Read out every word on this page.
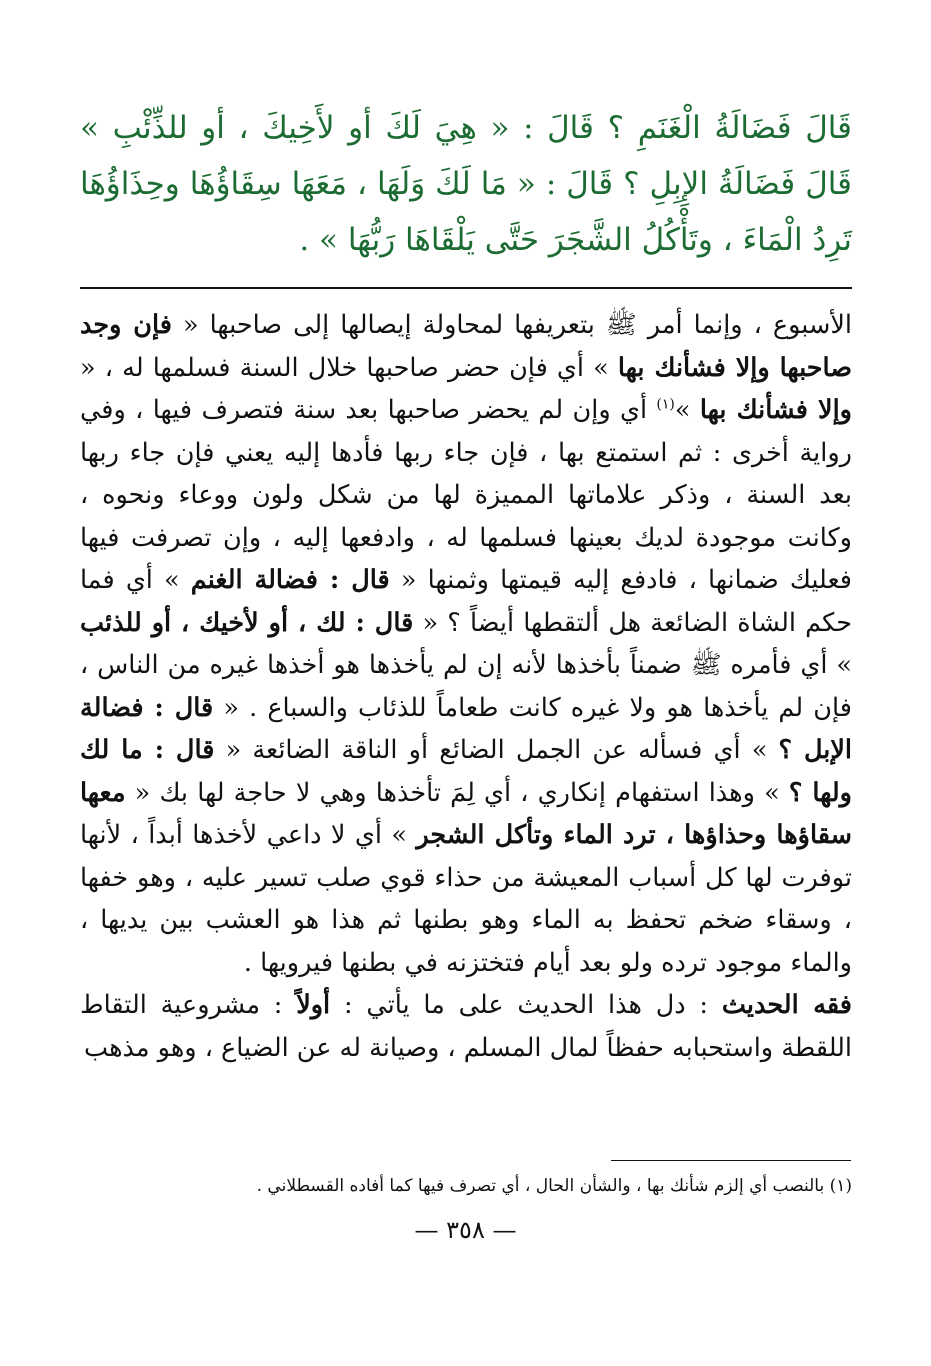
قَالَ فَضَالَةُ الْغَنَمِ ؟ قَالَ : « هِيَ لَكَ أو لأَخِيكَ ، أو للذِّئْبِ » قَالَ فَضَالَةُ الإِبِلِ ؟ قَالَ : « مَا لَكَ وَلَهَا ، مَعَهَا سِقَاؤُهَا وحِذَاؤُهَا تَرِدُ الْمَاءَ ، وتَأْكُلُ الشَّجَرَ حَتَّى يَلْقَاهَا رَبُّهَا » .

الأسبوع ، وإنما أمر ﷺ بتعريفها لمحاولة إيصالها إلى صاحبها « فإن وجد صاحبها وإلا فشأنك بها » أي فإن حضر صاحبها خلال السنة فسلمها له ، « وإلا فشأنك بها »$^{(١)}$ أي وإن لم يحضر صاحبها بعد سنة فتصرف فيها ، وفي رواية أخرى : ثم استمتع بها ، فإن جاء ربها فأدها إليه يعني فإن جاء ربها بعد السنة ، وذكر علاماتها المميزة لها من شكل ولون ووعاء ونحوه ، وكانت موجودة لديك بعينها فسلمها له ، وادفعها إليه ، وإن تصرفت فيها فعليك ضمانها ، فادفع إليه قيمتها وثمنها « قال : فضالة الغنم » أي فما حكم الشاة الضائعة هل ألتقطها أيضاً ؟ « قال : لك ، أو لأخيك ، أو للذئب » أي فأمره ﷺ ضمناً بأخذها لأنه إن لم يأخذها هو أخذها غيره من الناس ، فإن لم يأخذها هو ولا غيره كانت طعاماً للذئاب والسباع . « قال : فضالة الإبل ؟ » أي فسأله عن الجمل الضائع أو الناقة الضائعة « قال : ما لك ولها ؟ » وهذا استفهام إنكاري ، أي لِمَ تأخذها وهي لا حاجة لها بك « معها سقاؤها وحذاؤها ، ترد الماء وتأكل الشجر » أي لا داعي لأخذها أبداً ، لأنها توفرت لها كل أسباب المعيشة من حذاء قوي صلب تسير عليه ، وهو خفها ، وسقاء ضخم تحفظ به الماء وهو بطنها ثم هذا هو العشب بين يديها ، والماء موجود ترده ولو بعد أيام فتختزنه في بطنها فيرويها .

فقه الحديث : دل هذا الحديث على ما يأتي : أولاً : مشروعية التقاط اللقطة واستحبابه حفظاً لمال المسلم ، وصيانة له عن الضياع ، وهو مذهب

(١) بالنصب أي إلزم شأنك بها ، والشأن الحال ، أي تصرف فيها كما أفاده القسطلاني .
— ٣٥٨ —
